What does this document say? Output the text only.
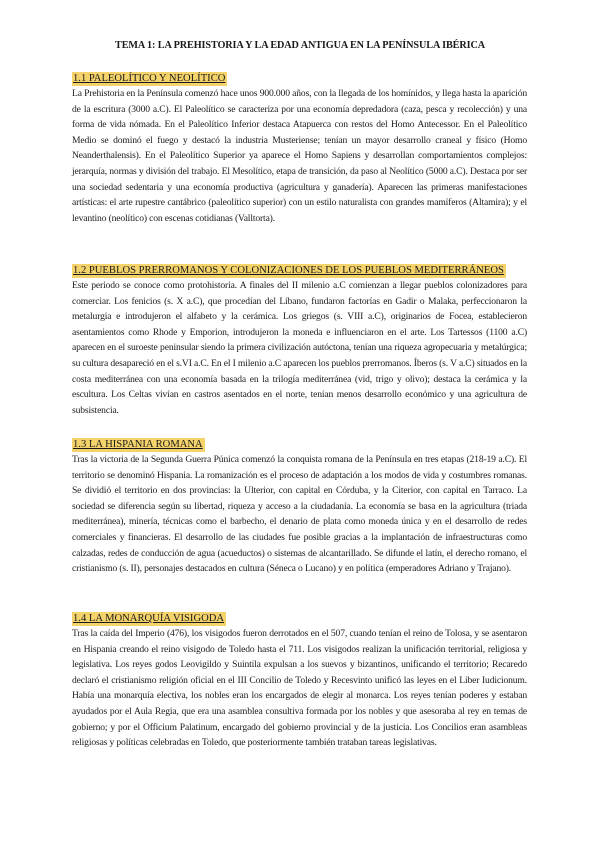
TEMA 1: LA PREHISTORIA Y LA EDAD ANTIGUA EN LA PENÍNSULA IBÉRICA
1.1 PALEOLÍTICO Y NEOLÍTICO

La Prehistoria en la Península comenzó hace unos 900.000 años, con la llegada de los homínidos, y llega hasta la aparición de la escritura (3000 a.C). El Paleolítico se caracteriza por una economía depredadora (caza, pesca y recolección) y una forma de vida nómada. En el Paleolítico Inferior destaca Atapuerca con restos del Homo Antecessor. En el Paleolítico Medio se dominó el fuego y destacó la industria Musteriense; tenían un mayor desarrollo craneal y físico (Homo Neanderthalensis). En el Paleolítico Superior ya aparece el Homo Sapiens y desarrollan comportamientos complejos: jerarquía, normas y división del trabajo. El Mesolítico, etapa de transición, da paso al Neolítico (5000 a.C). Destaca por ser una sociedad sedentaria y una economía productiva (agricultura y ganadería). Aparecen las primeras manifestaciones artísticas: el arte rupestre cantábrico (paleolítico superior) con un estilo naturalista con grandes mamíferos (Altamira); y el levantino (neolítico) con escenas cotidianas (Valltorta).

1.2 PUEBLOS PRERROMANOS Y COLONIZACIONES DE LOS PUEBLOS MEDITERRÁNEOS

Este periodo se conoce como protohistoria. A finales del II milenio a.C comienzan a llegar pueblos colonizadores para comerciar. Los fenicios (s. X a.C), que procedían del Líbano, fundaron factorías en Gadir o Malaka, perfeccionaron la metalurgia e introdujeron el alfabeto y la cerámica. Los griegos (s. VIII a.C), originarios de Focea, establecieron asentamientos como Rhode y Emporion, introdujeron la moneda e influenciaron en el arte. Los Tartessos (1100 a.C) aparecen en el suroeste peninsular siendo la primera civilización autóctona, tenían una riqueza agropecuaria y metalúrgica; su cultura desapareció en el s.VI a.C. En el I milenio a.C aparecen los pueblos prerromanos. Íberos (s. V a.C) situados en la costa mediterránea con una economía basada en la trilogía mediterránea (vid, trigo y olivo); destaca la cerámica y la escultura. Los Celtas vivían en castros asentados en el norte, tenían menos desarrollo económico y una agricultura de subsistencia.

1.3 LA HISPANIA ROMANA

Tras la victoria de la Segunda Guerra Púnica comenzó la conquista romana de la Península en tres etapas (218-19 a.C). El territorio se denominó Hispania. La romanización es el proceso de adaptación a los modos de vida y costumbres romanas. Se dividió el territorio en dos provincias: la Ulterior, con capital en Córduba, y la Citerior, con capital en Tarraco. La sociedad se diferencia según su libertad, riqueza y acceso a la ciudadanía. La economía se basa en la agricultura (triada mediterránea), minería, técnicas como el barbecho, el denario de plata como moneda única y en el desarrollo de redes comerciales y financieras. El desarrollo de las ciudades fue posible gracias a la implantación de infraestructuras como calzadas, redes de conducción de agua (acueductos) o sistemas de alcantarillado. Se difunde el latín, el derecho romano, el cristianismo (s. II), personajes destacados en cultura (Séneca o Lucano) y en política (emperadores Adriano y Trajano).

1.4 LA MONARQUÍA VISIGODA

Tras la caída del Imperio (476), los visigodos fueron derrotados en el 507, cuando tenían el reino de Tolosa, y se asentaron en Hispania creando el reino visigodo de Toledo hasta el 711. Los visigodos realizan la unificación territorial, religiosa y legislativa. Los reyes godos Leovigildo y Suintila expulsan a los suevos y bizantinos, unificando el territorio; Recaredo declaró el cristianismo religión oficial en el III Concilio de Toledo y Recesvinto unificó las leyes en el Liber Iudicionum. Había una monarquía electiva, los nobles eran los encargados de elegir al monarca. Los reyes tenían poderes y estaban ayudados por el Aula Regia, que era una asamblea consultiva formada por los nobles y que asesoraba al rey en temas de gobierno; y por el Officium Palatinum, encargado del gobierno provincial y de la justicia. Los Concilios eran asambleas religiosas y políticas celebradas en Toledo, que posteriormente también trataban tareas legislativas.
